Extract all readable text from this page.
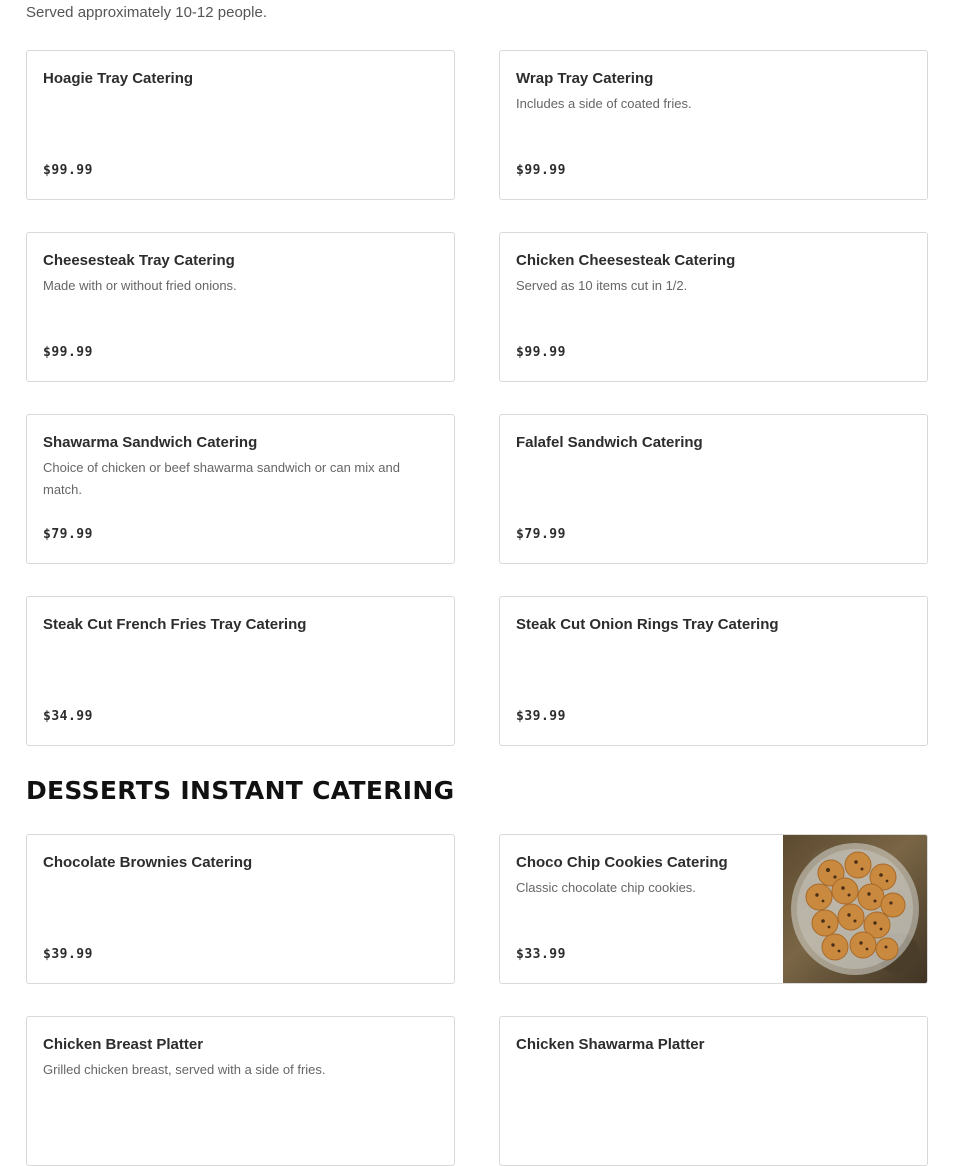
Served approximately 10-12 people.

Hoagie Tray Catering

$99.99

Wrap Tray Catering

Includes a side of coated fries.

$99.99

Cheesesteak Tray Catering

Made with or without fried onions.

$99.99

Chicken Cheesesteak Catering

Served as 10 items cut in 1/2.

$99.99

Shawarma Sandwich Catering

Choice of chicken or beef shawarma sandwich or can mix and match.

$79.99

Falafel Sandwich Catering

$79.99

Steak Cut French Fries Tray Catering

$34.99

Steak Cut Onion Rings Tray Catering

$39.99
DESSERTS INSTANT CATERING

Chocolate Brownies Catering

$39.99

Choco Chip Cookies Catering

Classic chocolate chip cookies.

$33.99

Chicken Breast Platter

Grilled chicken breast, served with a side of fries.

Chicken Shawarma Platter
